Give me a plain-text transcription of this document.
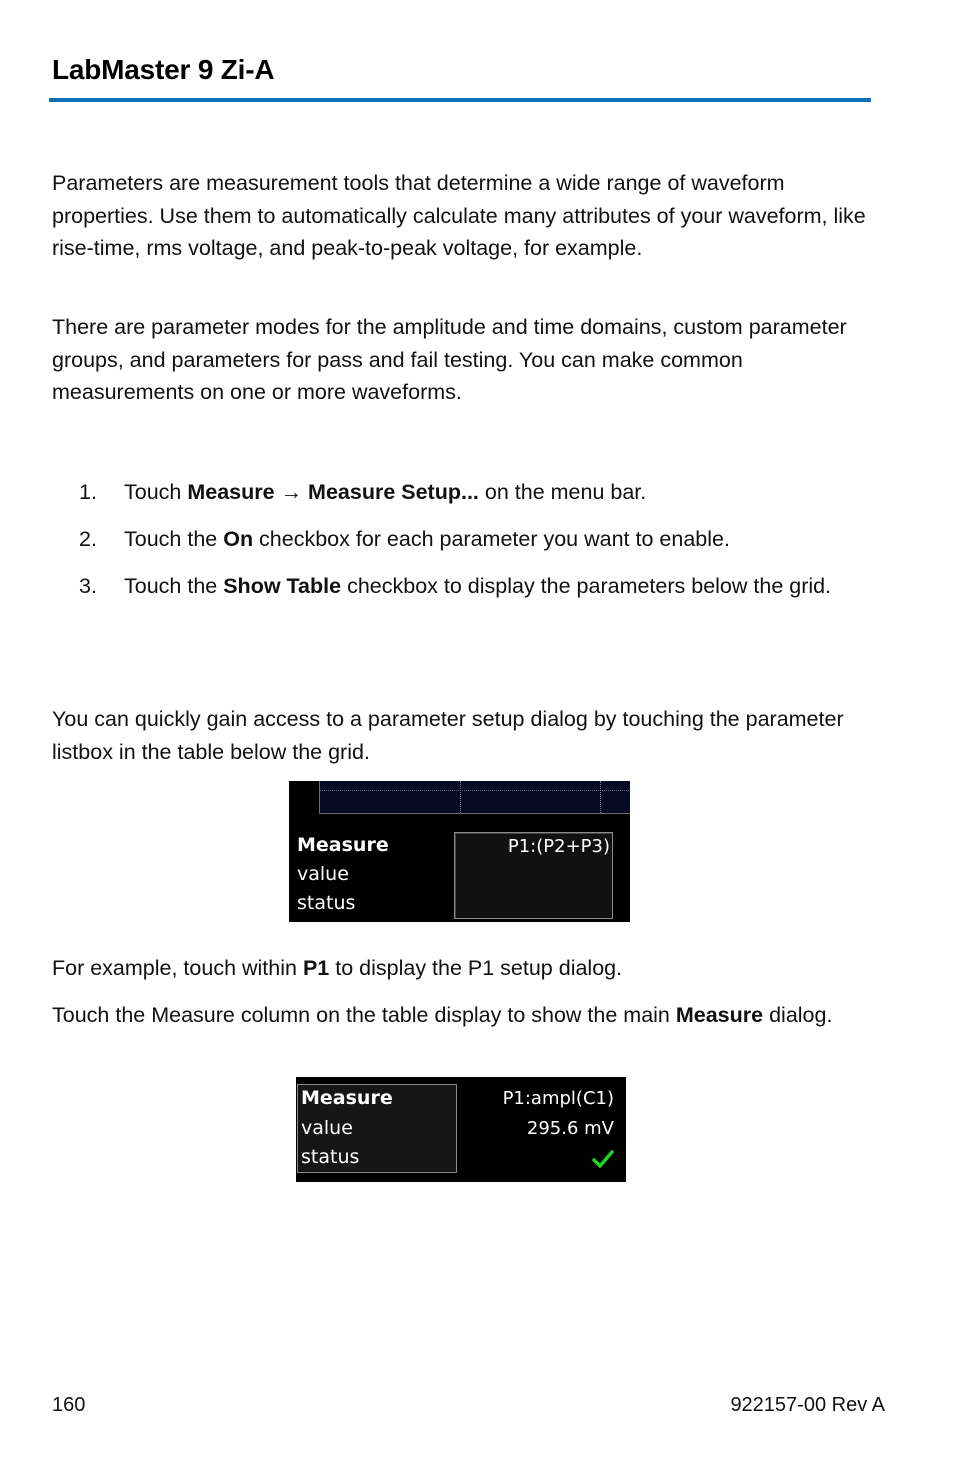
LabMaster 9 Zi-A

Parameters are measurement tools that determine a wide range of waveform properties. Use them to automatically calculate many attributes of your waveform, like rise-time, rms voltage, and peak-to-peak voltage, for example.

There are parameter modes for the amplitude and time domains, custom parameter groups, and parameters for pass and fail testing. You can make common measurements on one or more waveforms.

1. Touch Measure → Measure Setup... on the menu bar.
2. Touch the On checkbox for each parameter you want to enable.
3. Touch the Show Table checkbox to display the parameters below the grid.

You can quickly gain access to a parameter setup dialog by touching the parameter listbox in the table below the grid.

Measure
value
status
P1:(P2+P3)

For example, touch within P1 to display the P1 setup dialog.

Touch the Measure column on the table display to show the main Measure dialog.

Measure
value
status
P1:ampl(C1)
295.6 mV
160	922157-00 Rev A
